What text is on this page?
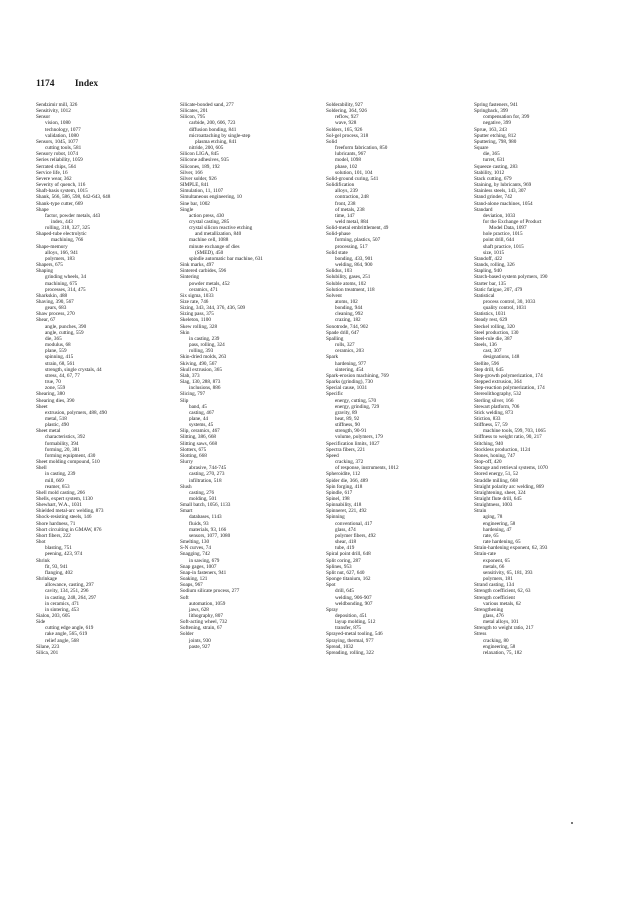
1174 Index
Sendzimir mill, 326
Sensitivity, 1012
Sensor
vision, 1080
technology, 1077
validation, 1080
Sensors, 1045, 1077
cutting tools, 581
Sensory robot, 1074
Series reliability, 1059
Serrated chips, 564
Service life, 16
Severe wear, 362
Severity of quench, 116
Shaft-basis system, 1015
Shank, 566, 586, 598, 642-643, 648
Shank-type cutter, 669
Shape
factor, powder metals, 443
index, 443
rolling, 318, 327, 325
Shaped-tube electrolytic
machining, 766
Shape-memory
alloys, 166, 941
polymers, 183
Shapers, 675
Shaping
grinding wheels, 34
machining, 675
processes, 314, 475
Sharkskin, 488
Shaving, 390, 567
gears, 683
Shaw process, 270
Shear, 67
angle, punches, 390
angle, cutting, 559
die, 365
modulus, 68
plane, 559
spinning, 415
strain, 68, 561
strength, single crystals, 44
stress, 44, 67, 77
true, 70
zone, 559
Shearing, 380
Shearing dies, 390
Sheet
extrusion, polymers, 488, 490
metal, 518
plastic, 490
Sheet metal
characteristics, 392
formability, 394
forming, 20, 381
forming equipment, 430
Sheet molding compound, 510
Shell
in casting, 239
mill, 669
reamer, 653
Shell mold casting, 266
Shells, expert system, 1130
Shewhart, W.A., 1031
Shielded metal-arc welding, 873
Shock-resisting steels, 146
Shore hardness, 71
Short circuiting in GMAW, 876
Short fibers, 222
Shot
blasting, 751
peening, 423, 974
Shrink
fit, 93, 941
flanging, 402
Shrinkage
allowance, casting, 297
cavity, 134, 251, 296
in casting, 248, 264, 297
in ceramics, 471
in sintering, 453
Sialon, 203, 605
Side
cutting edge angle, 619
rake angle, 565, 619
relief angle, 568
Silane, 223
Silica, 201
Silicate-bonded sand, 277
Silicates, 201
Silicon, 795
carbide, 200, 606, 723
diffusion bonding, 841
microattaching by single-step
plasma etching, 841
nitride, 200, 605
Silicon LIGA, 845
Silicone adhesives, 935
Silicones, 189, 192
Silver, 166
Silver solder, 926
SIMPLE, 841
Simulation, 11, 1107
Simultaneous engineering, 10
Sine bar, 1002
Single
action press, 430
crystal casting, 285
crystal silicon reactive etching
and metallization, 840
machine cell, 1088
minute exchange of dies
(SMED), 450
spindle automatic bar machine, 631
Sink marks, 497
Sintered carbides, 596
Sintering
powder metals, 452
ceramics, 471
Six sigma, 1033
Size rate, 746
Sizing, 343, 344, 376, 436, 509
Sizing pass, 375
Skeleton, 1100
Skew rolling, 328
Skin
in casting, 239
pass, rolling, 324
rolling, 393
Skin-dried molds, 263
Skiving, 490, 567
Skull extrusion, 365
Slab, 373
Slag, 130, 288, 873
inclusions, 886
Slicing, 797
Slip
band, 45
casting, 467
plane, 44
systems, 45
Slip, ceramics, 467
Slitting, 386, 668
Slitting saws, 668
Slotters, 675
Slotting, 668
Slurry
abrasive, 744-745
casting, 270, 273
infiltration, 518
Slush
casting, 276
molding, 501
Small batch, 1056, 1133
Smart
databases, 1143
fluids, 93
materials, 93, 166
sensors, 1077, 1080
Smelting, 130
S-N curves, 74
Snagging, 742
in sawing, 679
Snap gages, 1007
Snap-in fasteners, 941
Soaking, 121
Soaps, 967
Sodium silicate process, 277
Soft
automation, 1059
jaws, 628
lithography, 807
Soft-acting wheel, 732
Softening, strain, 67
Solder
joints, 930
paste, 927
Solderability, 927
Soldering, 364, 926
reflow, 927
wave, 928
Solders, 165, 926
Sol-gel process, 318
Solid
freeform fabrication, 850
lubricants, 967
model, 1098
phase, 102
solution, 101, 104
Solid-ground curing, 541
Solidification
alloys, 239
contraction, 248
front, 238
of metals, 238
time, 147
weld metal, 884
Solid-metal embrittlement, 49
Solid-phase
forming, plastics, 507
processing, 517
Solid state
bonding, 433, 901
welding, 864, 900
Solidus, 103
Solubility, gases, 251
Soluble atoms, 102
Solution treatment, 118
Solvent
atoms, 102
bonding, 944
cleaning, 992
crazing, 182
Sonotrode, 744, 902
Spade drill, 647
Spalling
rolls, 327
ceramics, 203
Spark
hardening, 977
sintering, 454
Spark-erosion machining, 769
Sparks (grinding), 730
Special cause, 1031
Specific
energy, cutting, 570
energy, grinding, 729
gravity, 89
heat, 89, 92
stiffness, 90
strength, 90-91
volume, polymers, 179
Specification limits, 1027
Spectra fibers, 221
Speed
cracking, 372
of response, instruments, 1012
Spheroidite, 112
Spider die, 366, 489
Spin forging, 418
Spindle, 617
Spinel, 198
Spinnability, 418
Spinneret, 221, 492
Spinning
conventional, 417
glass, 474
polymer fibers, 492
shear, 418
tube, 419
Spiral point drill, 648
Split coring, 287
Splines, 953
Split nut, 627, 640
Sponge titanium, 162
Spot
drill, 645
welding, 906-907
weldbonding, 907
Spray
deposition, 451
layup molding, 512
transfer, 875
Sprayed-metal tooling, 546
Spraying, thermal, 977
Spread, 1032
Spreading, rolling, 322
Spring fasteners, 941
Springback, 399
compensation for, 399
negative, 399
Sprue, 163, 243
Sputter etching, 812
Sputtering, 798, 980
Square
die, 365
turret, 631
Squeeze casting, 283
Stability, 1012
Stack cutting, 679
Staining, by lubricants, 969
Stainless steels, 143, 307
Stand grinder, 742
Stand-alone machines, 1054
Standard
deviation, 1033
for the Exchange of Product
Model Data, 1097
hole practice, 1015
point drill, 644
shaft practice, 1015
size, 1015
Standoff, 422
Stands, rolling, 326
Stapling, 940
Starch-based system polymers, 190
Starter bar, 135
Static fatigue, 207, 479
Statistical
process control, 30, 1033
quality control, 1031
Statistics, 1031
Steady rest, 629
Steckel rolling, 320
Steel production, 130
Steel-rule die, 387
Steels, 136
cast, 307
designations, 148
Stellite, 596
Step drill, 645
Step-growth polymerization, 174
Stepped extrusion, 364
Step-reaction polymerization, 174
Stereolithography, 532
Sterling silver, 166
Stewart platform, 706
Stick welding, 873
Stiction, 833
Stiffness, 57, 59
machine tools, 599, 703, 1065
Stiffness to weight ratio, 90, 217
Stitching, 940
Stockless production, 1124
Stones, honing, 747
Stop-off, 420
Storage and retrieval systems, 1070
Stored energy, 51, 52
Straddle milling, 668
Straight polarity arc welding, 869
Straightening, sheet, 324
Straight flute drill, 645
Straightness, 1003
Strain
aging, 78
engineering, 58
hardening, 47
rate, 65
rate hardening, 65
Strain-hardening exponent, 62, 393
Strain-rate
exponent, 65
metals, 66
sensitivity, 65, 181, 393
polymers, 181
Strand casting, 134
Strength coefficient, 62, 63
Strength coefficient
various metals, 62
Strengthening
glass, 476
metal alloys, 101
Strength to weight ratio, 217
Stress
cracking, 80
engineering, 58
relaxation, 75, 182
